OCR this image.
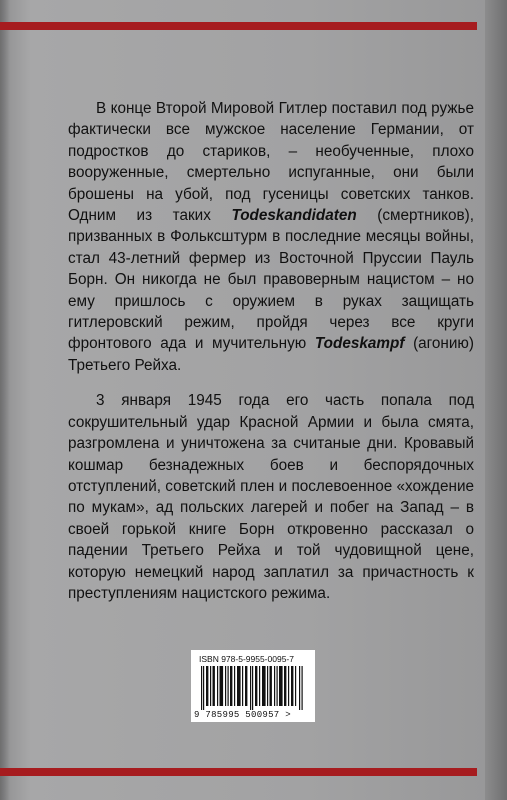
В конце Второй Мировой Гитлер поставил под ружье фактически все мужское население Германии, от подростков до стариков, – необученные, плохо вооруженные, смертельно испуганные, они были брошены на убой, под гусеницы советских танков. Одним из таких Todeskandidaten (смертников), призванных в Фольксштурм в последние месяцы войны, стал 43-летний фермер из Восточной Пруссии Пауль Борн. Он никогда не был правоверным нацистом – но ему пришлось с оружием в руках защищать гитлеровский режим, пройдя через все круги фронтового ада и мучительную Todeskampf (агонию) Третьего Рейха.

3 января 1945 года его часть попала под сокрушительный удар Красной Армии и была смята, разгромлена и уничтожена за считаные дни. Кровавый кошмар безнадежных боев и беспорядочных отступлений, советский плен и послевоенное «хождение по мукам», ад польских лагерей и побег на Запад – в своей горькой книге Борн откровенно рассказал о падении Третьего Рейха и той чудовищной цене, которую немецкий народ заплатил за причастность к преступлениям нацистского режима.

ISBN 978-5-9955-0095-7
9 785995 500957 >
